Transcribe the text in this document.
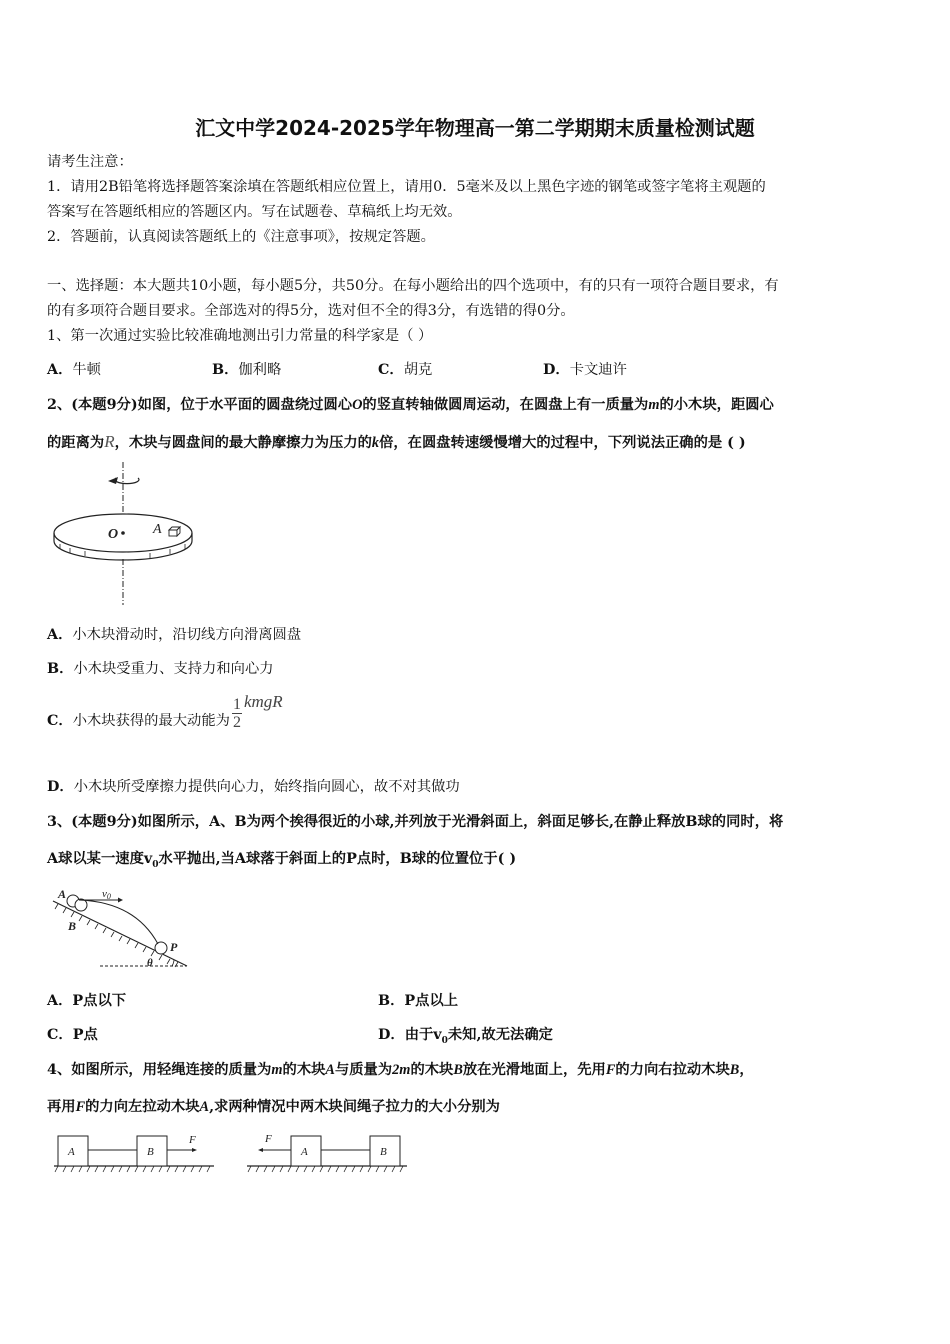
汇文中学2024-2025学年物理高一第二学期期末质量检测试题
请考生注意：
1．请用2B铅笔将选择题答案涂填在答题纸相应位置上，请用0．5毫米及以上黑色字迹的钢笔或签字笔将主观题的
答案写在答题纸相应的答题区内。写在试题卷、草稿纸上均无效。
2．答题前，认真阅读答题纸上的《注意事项》，按规定答题。
一、选择题：本大题共10小题，每小题5分，共50分。在每小题给出的四个选项中，有的只有一项符合题目要求，有
的有多项符合题目要求。全部选对的得5分，选对但不全的得3分，有选错的得0分。
1、第一次通过实验比较准确地测出引力常量的科学家是（ ）
A．牛顿	B．伽利略	C．胡克	D．卡文迪许
2、(本题9分)如图，位于水平面的圆盘绕过圆心O的竖直转轴做圆周运动，在圆盘上有一质量为m的小木块，距圆心
的距离为R，木块与圆盘间的最大静摩擦力为压力的k倍，在圆盘转速缓慢增大的过程中，下列说法正确的是 ( )
O A
A．小木块滑动时，沿切线方向滑离圆盘
B．小木块受重力、支持力和向心力
C．小木块获得的最大动能为 $\frac{1}{2}$ kmgR
D．小木块所受摩擦力提供向心力，始终指向圆心，故不对其做功
3、(本题9分)如图所示，A、B为两个挨得很近的小球,并列放于光滑斜面上，斜面足够长,在静止释放B球的同时，将
A球以某一速度$v_0$水平抛出,当A球落于斜面上的P点时，B球的位置位于( )
A
B
v0
P
θ
A．P点以下	B．P点以上
C．P点	D．由于$v_0$未知,故无法确定
4、如图所示，用轻绳连接的质量为m的木块A与质量为2m的木块B放在光滑地面上，先用F的力向右拉动木块B，
再用F的力向左拉动木块A,求两种情况中两木块间绳子拉力的大小分别为
A	B
F
A	B
F
